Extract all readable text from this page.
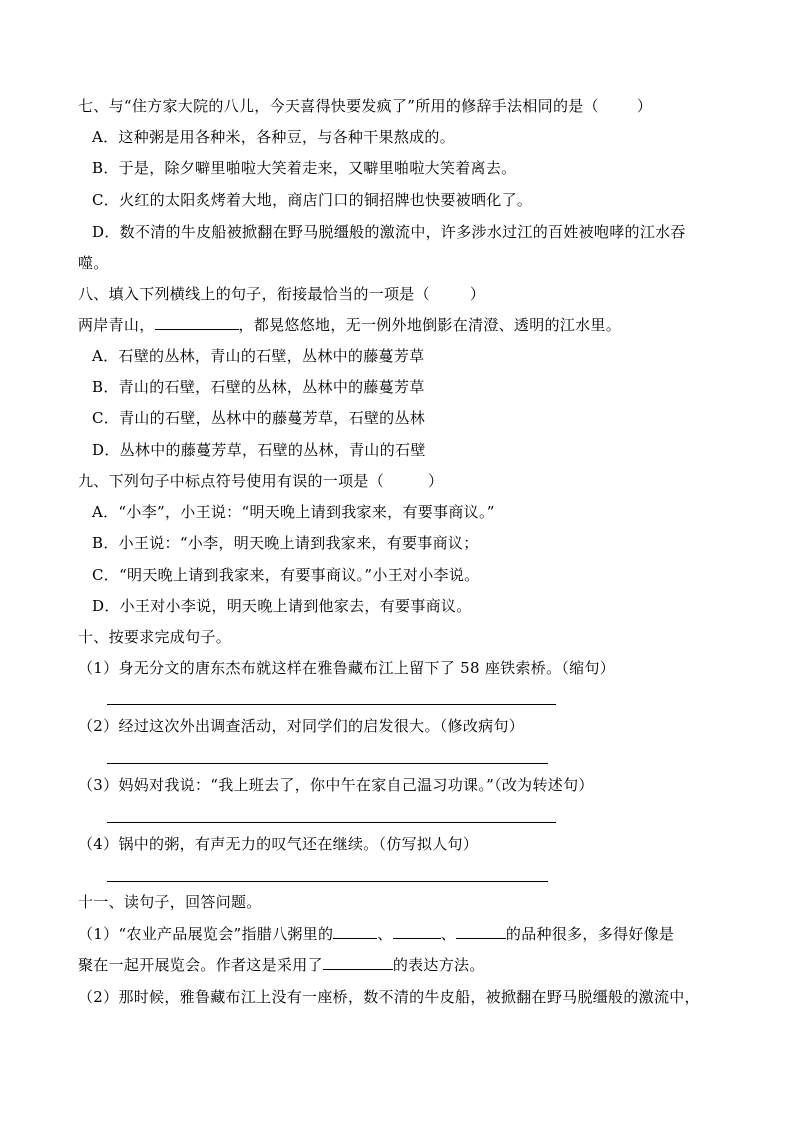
七、与“住方家大院的八儿，今天喜得快要发疯了”所用的修辞手法相同的是（	）
A．这种粥是用各种米，各种豆，与各种干果熬成的。
B．于是，除夕噼里啪啦大笑着走来，又噼里啪啦大笑着离去。
C．火红的太阳炙烤着大地，商店门口的铜招牌也快要被晒化了。
D．数不清的牛皮船被掀翻在野马脱缰般的激流中，许多涉水过江的百姓被咆哮的江水吞
噬。
八、填入下列横线上的句子，衔接最恰当的一项是（	）
两岸青山，	，都晃悠悠地，无一例外地倒影在清澄、透明的江水里。
A．石壁的丛林，青山的石壁，丛林中的藤蔓芳草
B．青山的石壁，石壁的丛林，丛林中的藤蔓芳草
C．青山的石壁，丛林中的藤蔓芳草，石壁的丛林
D．丛林中的藤蔓芳草，石壁的丛林，青山的石壁
九、下列句子中标点符号使用有误的一项是（	）
A．“小李”，小王说：“明天晚上请到我家来，有要事商议。”
B．小王说：“小李，明天晚上请到我家来，有要事商议；
C．“明天晚上请到我家来，有要事商议。”小王对小李说。
D．小王对小李说，明天晚上请到他家去，有要事商议。
十、按要求完成句子。
（1）身无分文的唐东杰布就这样在雅鲁藏布江上留下了 58 座铁索桥。（缩句）
（2）经过这次外出调查活动，对同学们的启发很大。（修改病句）
（3）妈妈对我说：“我上班去了，你中午在家自己温习功课。”（改为转述句）
（4）锅中的粥，有声无力的叹气还在继续。（仿写拟人句）
十一、读句子，回答问题。
（1）“农业产品展览会”指腊八粥里的	、	、	的品种很多，多得好像是
聚在一起开展览会。作者这是采用了	的表达方法。
（2）那时候，雅鲁藏布江上没有一座桥，数不清的牛皮船，被掀翻在野马脱缰般的激流中，
